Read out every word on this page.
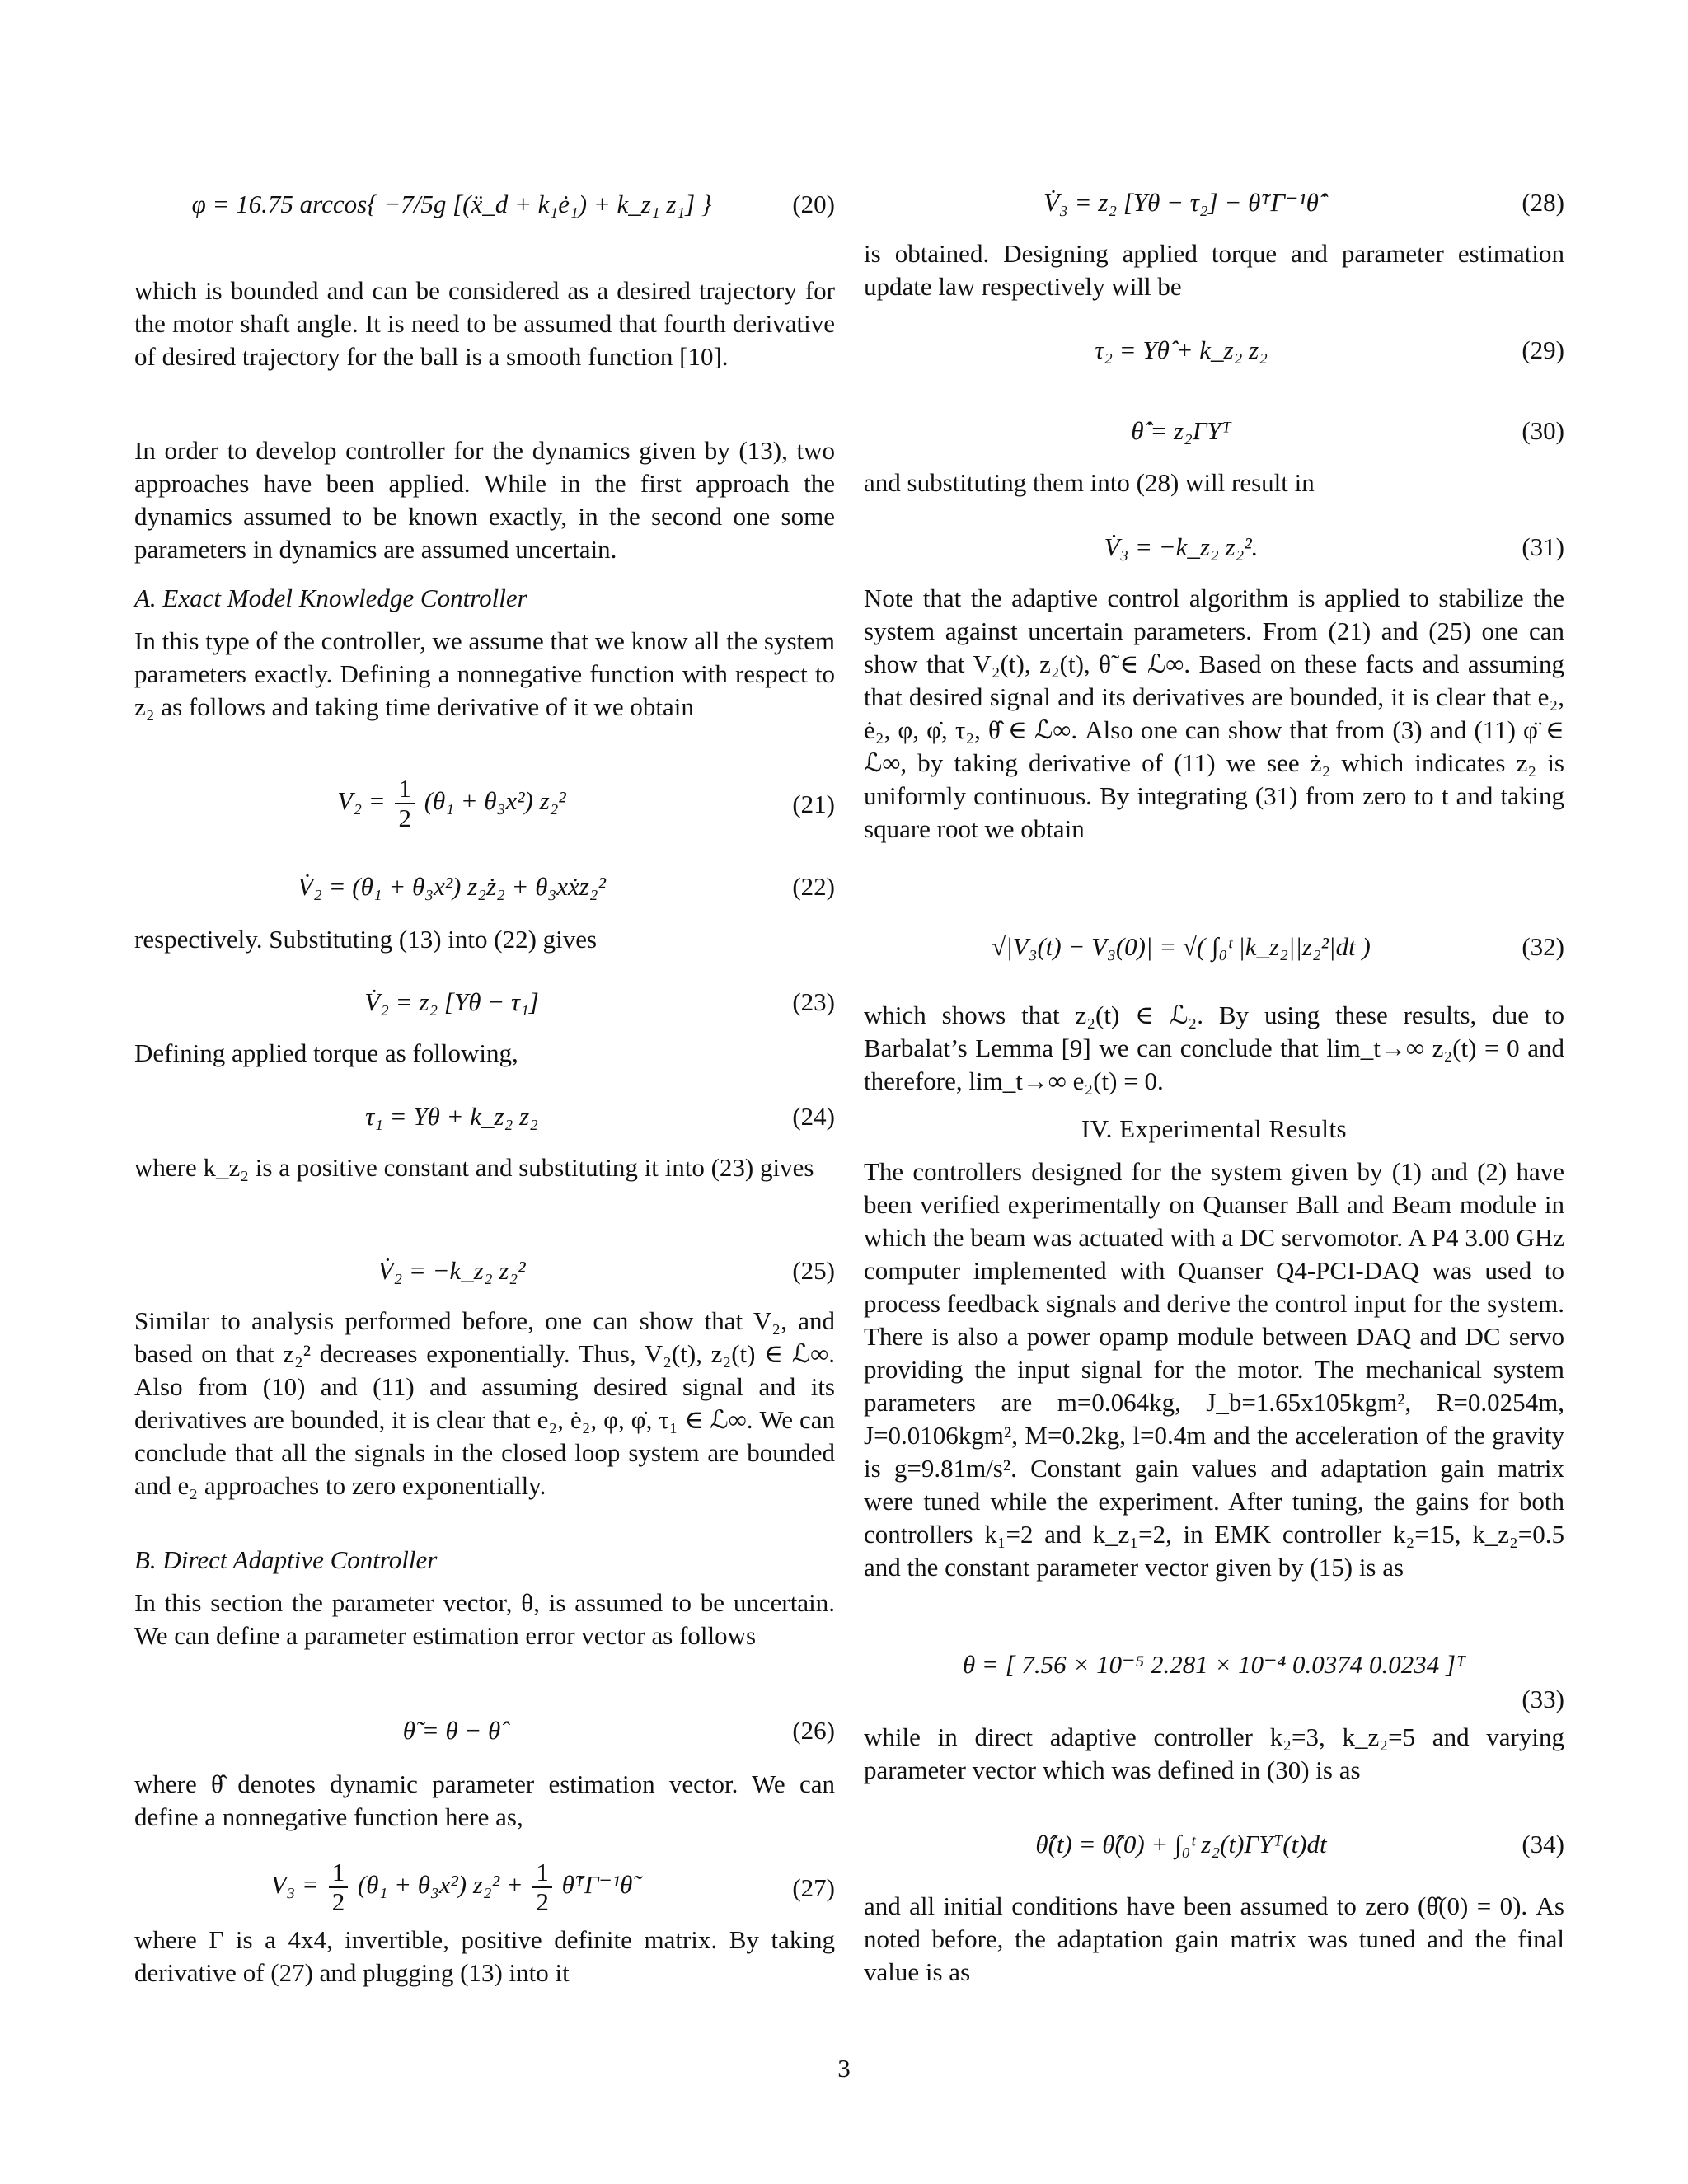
φ = 16.75 arccos{ −7/5g [(ẍ_d + k₁ė₁) + k_z₁ z₁] }	(20)
which is bounded and can be considered as a desired trajectory for the motor shaft angle. It is need to be assumed that fourth derivative of desired trajectory for the ball is a smooth function [10].
In order to develop controller for the dynamics given by (13), two approaches have been applied. While in the first approach the dynamics assumed to be known exactly, in the second one some parameters in dynamics are assumed uncertain.
A. Exact Model Knowledge Controller
In this type of the controller, we assume that we know all the system parameters exactly. Defining a nonnegative function with respect to z₂ as follows and taking time derivative of it we obtain
$V_2 = \frac{1}{2} (\theta_1 + \theta_3x^2)$ z₂²	(21)
V̇₂ = (θ₁ + θ₃x²) z₂ż₂ + θ₃xẋz₂²	(22)
respectively. Substituting (13) into (22) gives
V̇₂ = z₂ [Yθ − τ₁]	(23)
Defining applied torque as following,
τ₁ = Yθ + k_z₂ z₂	(24)
where k_z₂ is a positive constant and substituting it into (23) gives
V̇₂ = −k_z₂ z₂²	(25)
Similar to analysis performed before, one can show that V₂, and based on that z₂² decreases exponentially. Thus, V₂(t), z₂(t) ∈ ℒ∞. Also from (10) and (11) and assuming desired signal and its derivatives are bounded, it is clear that e₂, ė₂, φ, φ̇, τ₁ ∈ ℒ∞. We can conclude that all the signals in the closed loop system are bounded and e₂ approaches to zero exponentially.
B. Direct Adaptive Controller
In this section the parameter vector, θ, is assumed to be uncertain. We can define a parameter estimation error vector as follows
θ̃ = θ − θ̂	(26)
where θ̂ denotes dynamic parameter estimation vector. We can define a nonnegative function here as,
$V_3 = \frac{1}{2} (\theta_1 + \theta_3x^2) z_2^2 + \frac{1}{2}$ θ̃ᵀΓ⁻¹θ̃	(27)
where Γ is a 4x4, invertible, positive definite matrix. By taking derivative of (27) and plugging (13) into it
V̇₃ = z₂ [Yθ − τ₂] − θ̃ᵀΓ⁻¹θ̂̇	(28)
is obtained. Designing applied torque and parameter estimation update law respectively will be
τ₂ = Yθ̂ + k_z₂ z₂	(29)
θ̂̇ = z₂ΓYᵀ	(30)
and substituting them into (28) will result in
V̇₃ = −k_z₂ z₂².	(31)
Note that the adaptive control algorithm is applied to stabilize the system against uncertain parameters. From (21) and (25) one can show that V₂(t), z₂(t), θ̃ ∈ ℒ∞. Based on these facts and assuming that desired signal and its derivatives are bounded, it is clear that e₂, ė₂, φ, φ̇, τ₂, θ̂ ∈ ℒ∞. Also one can show that from (3) and (11) φ̈ ∈ ℒ∞, by taking derivative of (11) we see ż₂ which indicates z₂ is uniformly continuous. By integrating (31) from zero to t and taking square root we obtain
√|V₃(t) − V₃(0)| = √( ∫₀ᵗ |k_z₂||z₂²|dt )	(32)
which shows that z₂(t) ∈ ℒ₂. By using these results, due to Barbalat’s Lemma [9] we can conclude that lim_t→∞ z₂(t) = 0 and therefore, lim_t→∞ e₂(t) = 0.
IV. Experimental Results
The controllers designed for the system given by (1) and (2) have been verified experimentally on Quanser Ball and Beam module in which the beam was actuated with a DC servomotor. A P4 3.00 GHz computer implemented with Quanser Q4-PCI-DAQ was used to process feedback signals and derive the control input for the system. There is also a power opamp module between DAQ and DC servo providing the input signal for the motor. The mechanical system parameters are m=0.064kg, J_b=1.65x105kgm², R=0.0254m, J=0.0106kgm², M=0.2kg, l=0.4m and the acceleration of the gravity is g=9.81m/s². Constant gain values and adaptation gain matrix were tuned while the experiment. After tuning, the gains for both controllers k₁=2 and k_z₁=2, in EMK controller k₂=15, k_z₂=0.5 and the constant parameter vector given by (15) is as
θ = [ 7.56 × 10⁻⁵ 2.281 × 10⁻⁴ 0.0374 0.0234 ]ᵀ
(33)
while in direct adaptive controller k₂=3, k_z₂=5 and varying parameter vector which was defined in (30) is as
θ̂(t) = θ̂(0) + ∫₀ᵗ z₂(t)ΓYᵀ(t)dt	(34)
and all initial conditions have been assumed to zero (θ̂(0) = 0). As noted before, the adaptation gain matrix was tuned and the final value is as
3
